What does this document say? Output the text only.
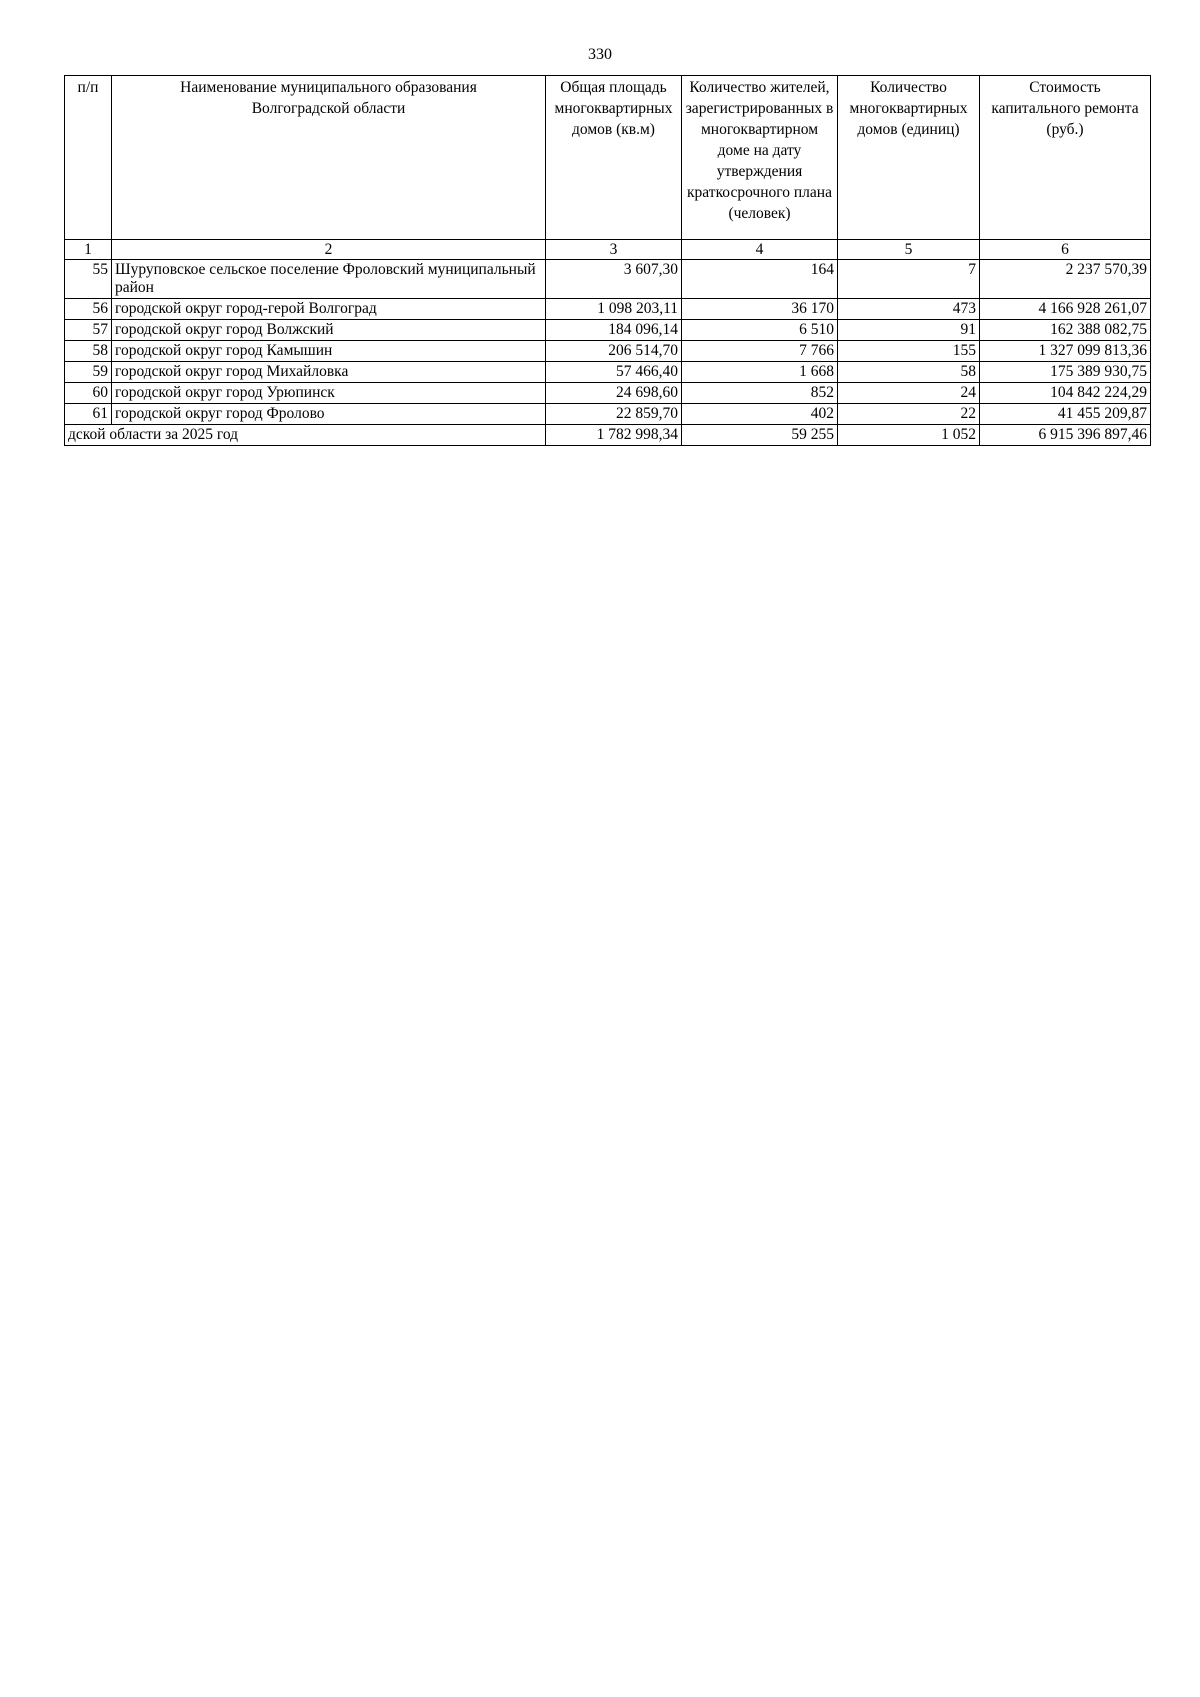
330
п/п	Наименование муниципального образования Волгоградской области	Общая площадь многоквартирных домов (кв.м)	Количество жителей, зарегистрированных в многоквартирном доме на дату утверждения краткосрочного плана (человек)	Количество многоквартирных домов (единиц)	Стоимость капитального ремонта (руб.)
1	2	3	4	5	6
55	Шуруповское сельское поселение Фроловский муниципальный район	3 607,30	164	7	2 237 570,39
56	городской округ город-герой Волгоград	1 098 203,11	36 170	473	4 166 928 261,07
57	городской округ город Волжский	184 096,14	6 510	91	162 388 082,75
58	городской округ город Камышин	206 514,70	7 766	155	1 327 099 813,36
59	городской округ город Михайловка	57 466,40	1 668	58	175 389 930,75
60	городской округ город Урюпинск	24 698,60	852	24	104 842 224,29
61	городской округ город Фролово	22 859,70	402	22	41 455 209,87
дской области за 2025 год		1 782 998,34	59 255	1 052	6 915 396 897,46
